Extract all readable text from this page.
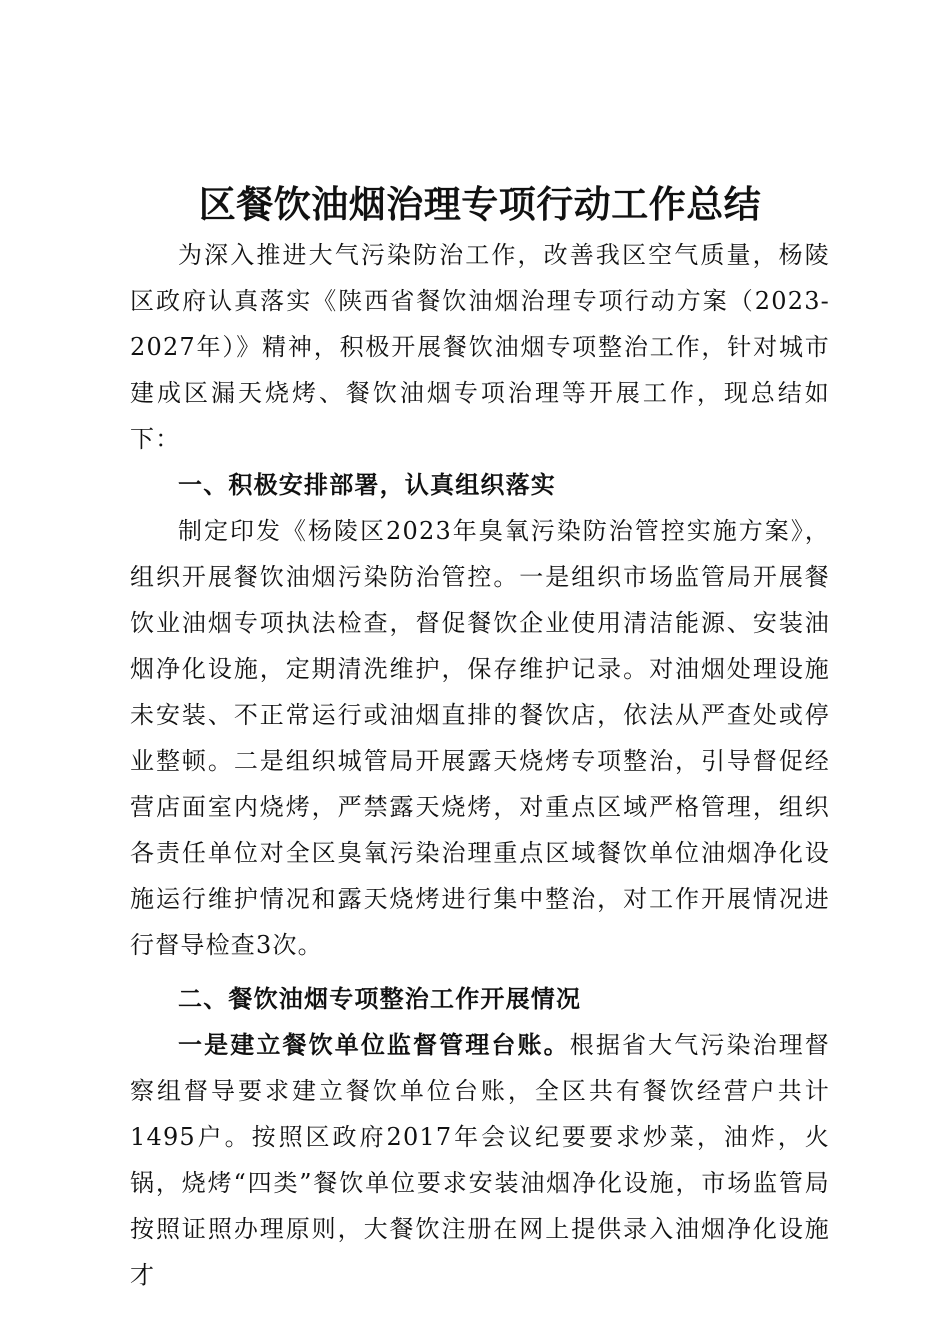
区餐饮油烟治理专项行动工作总结

为深入推进大气污染防治工作，改善我区空气质量，杨陵区政府认真落实《陕西省餐饮油烟治理专项行动方案（2023-2027年）》精神，积极开展餐饮油烟专项整治工作，针对城市建成区漏天烧烤、餐饮油烟专项治理等开展工作，现总结如下：

一、积极安排部署，认真组织落实

制定印发《杨陵区2023年臭氧污染防治管控实施方案》，组织开展餐饮油烟污染防治管控。一是组织市场监管局开展餐饮业油烟专项执法检查，督促餐饮企业使用清洁能源、安装油烟净化设施，定期清洗维护，保存维护记录。对油烟处理设施未安装、不正常运行或油烟直排的餐饮店，依法从严查处或停业整顿。二是组织城管局开展露天烧烤专项整治，引导督促经营店面室内烧烤，严禁露天烧烤，对重点区域严格管理，组织各责任单位对全区臭氧污染治理重点区域餐饮单位油烟净化设施运行维护情况和露天烧烤进行集中整治，对工作开展情况进行督导检查3次。

二、餐饮油烟专项整治工作开展情况

一是建立餐饮单位监督管理台账。根据省大气污染治理督察组督导要求建立餐饮单位台账，全区共有餐饮经营户共计1495户。按照区政府2017年会议纪要要求炒菜，油炸，火锅，烧烤“四类”餐饮单位要求安装油烟净化设施，市场监管局按照证照办理原则，大餐饮注册在网上提供录入油烟净化设施才
